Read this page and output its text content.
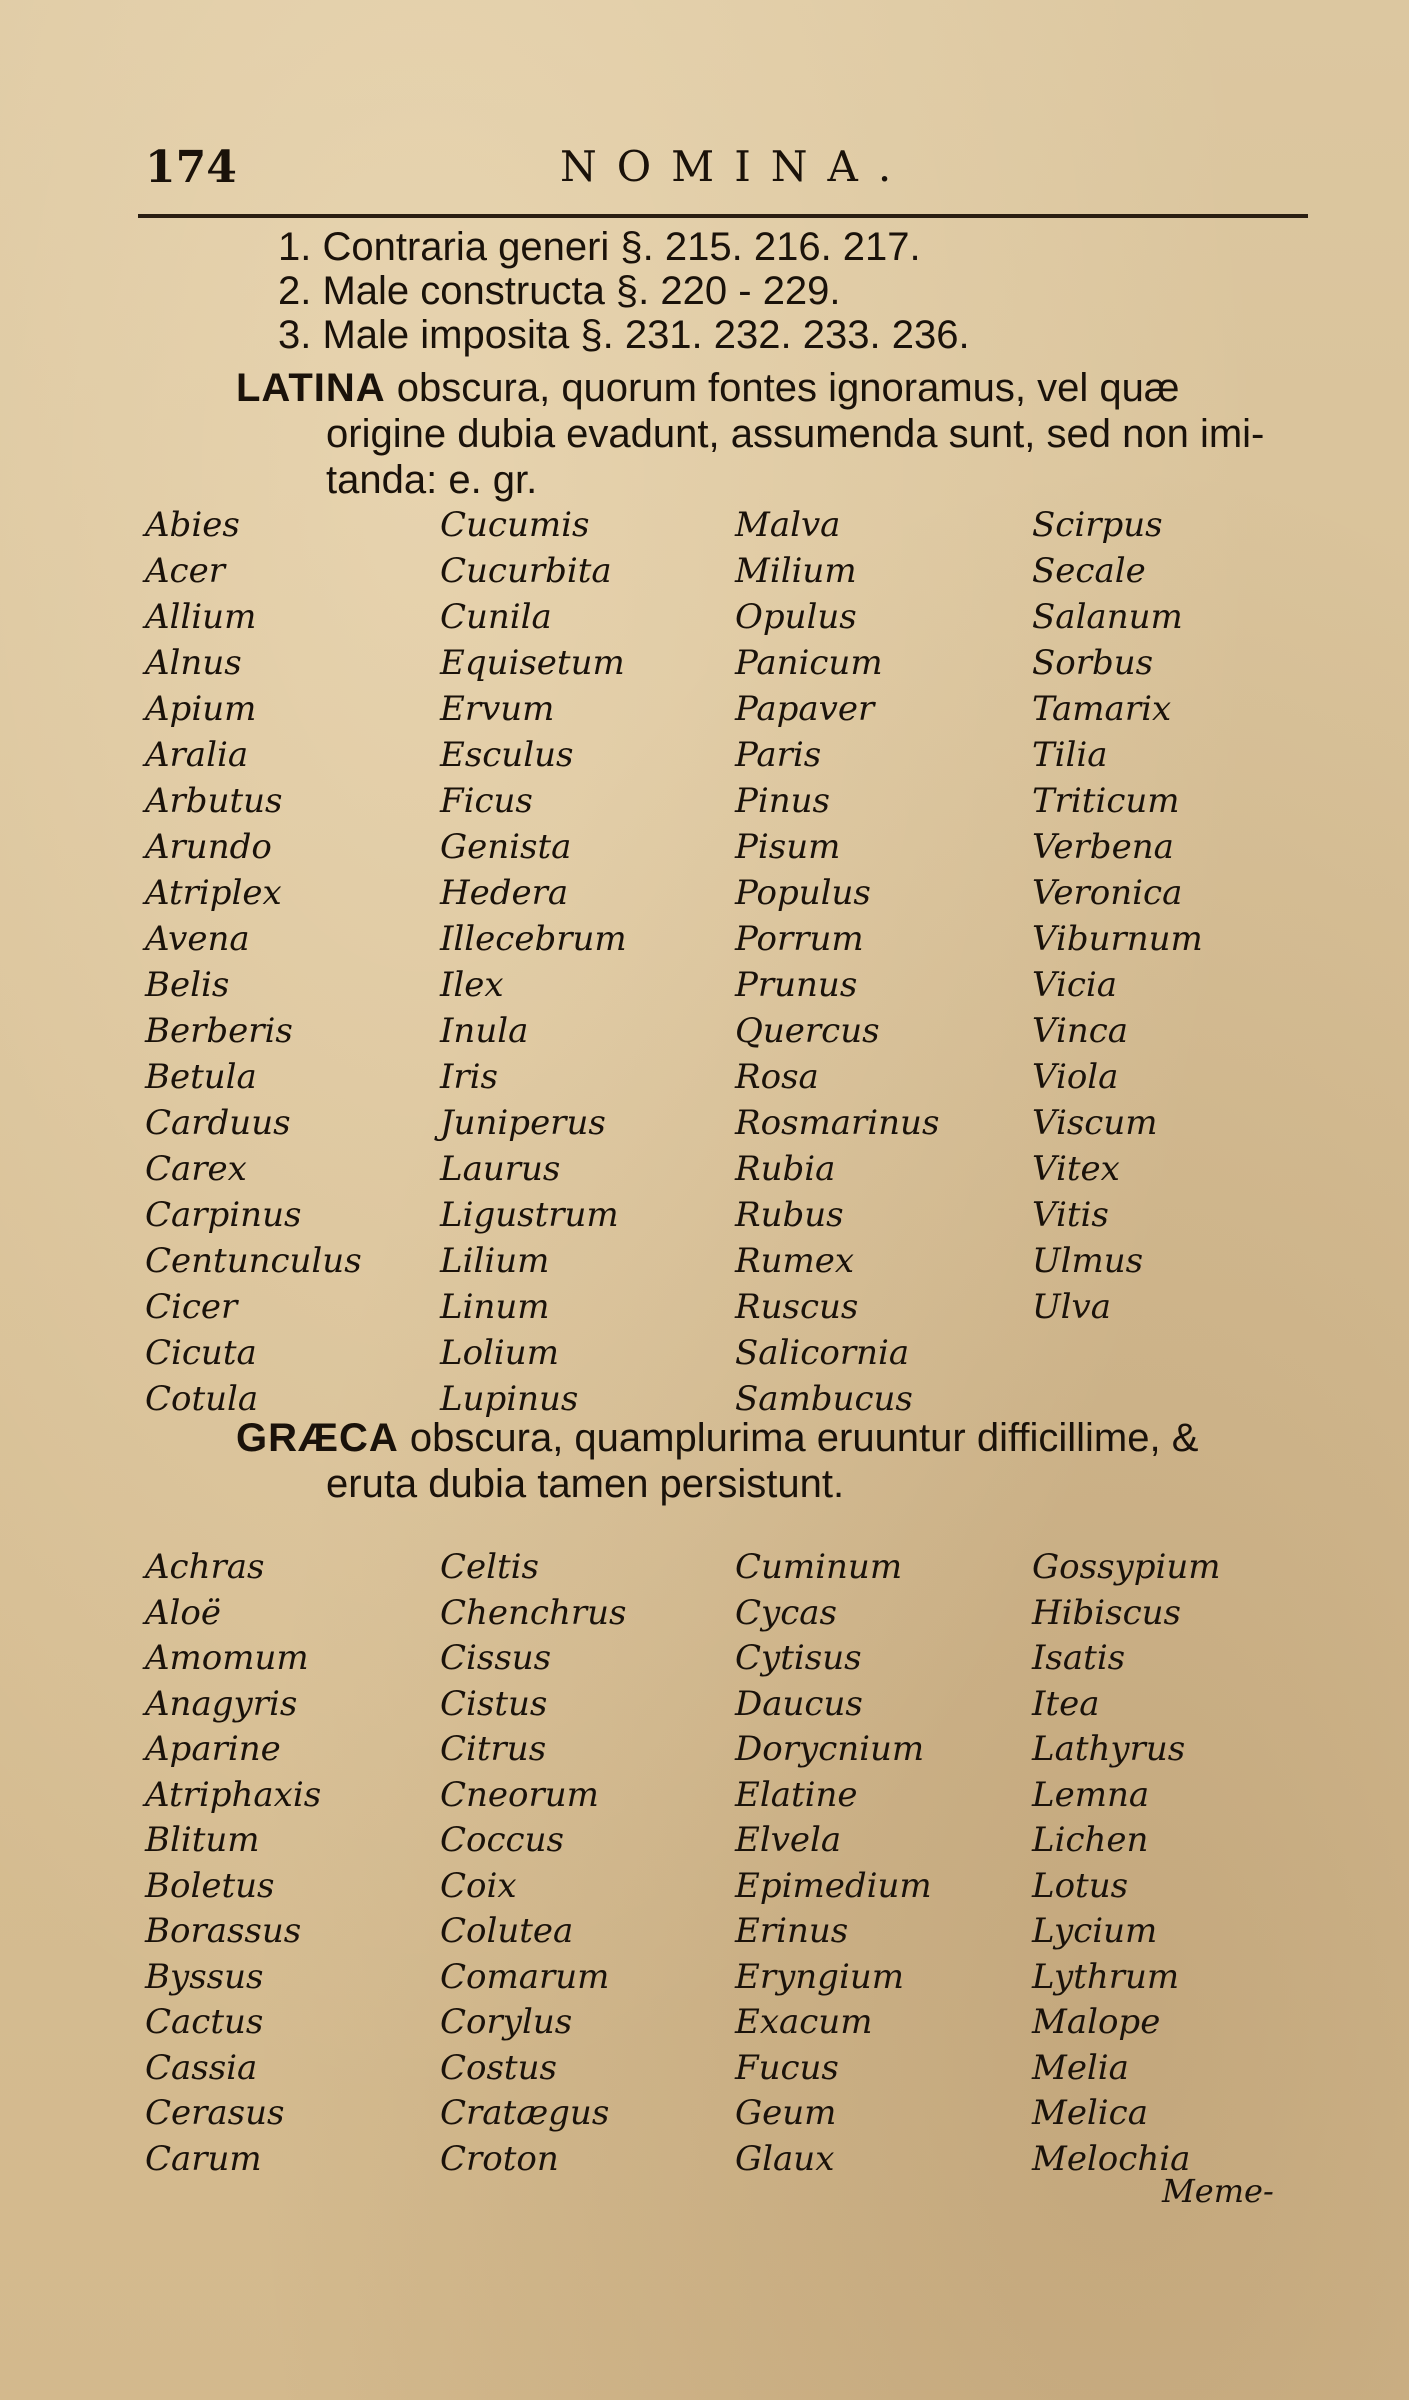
174	NOMINA.
1. Contraria generi §. 215. 216. 217.
2. Male constructa §. 220 - 229.
3. Male imposita §. 231. 232. 233. 236.
LATINA obscura, quorum fontes ignoramus, vel quæ
origine dubia evadunt, assumenda sunt, sed non imi-
tanda: e. gr.
Abies
Acer
Allium
Alnus
Apium
Aralia
Arbutus
Arundo
Atriplex
Avena
Belis
Berberis
Betula
Carduus
Carex
Carpinus
Centunculus
Cicer
Cicuta
Cotula
Cucumis
Cucurbita
Cunila
Equisetum
Ervum
Esculus
Ficus
Genista
Hedera
Illecebrum
Ilex
Inula
Iris
Juniperus
Laurus
Ligustrum
Lilium
Linum
Lolium
Lupinus
Malva
Milium
Opulus
Panicum
Papaver
Paris
Pinus
Pisum
Populus
Porrum
Prunus
Quercus
Rosa
Rosmarinus
Rubia
Rubus
Rumex
Ruscus
Salicornia
Sambucus
Scirpus
Secale
Salanum
Sorbus
Tamarix
Tilia
Triticum
Verbena
Veronica
Viburnum
Vicia
Vinca
Viola
Viscum
Vitex
Vitis
Ulmus
Ulva
GRÆCA obscura, quamplurima eruuntur difficillime, &
eruta dubia tamen persistunt.
Achras
Aloë
Amomum
Anagyris
Aparine
Atriphaxis
Blitum
Boletus
Borassus
Byssus
Cactus
Cassia
Cerasus
Carum
Celtis
Chenchrus
Cissus
Cistus
Citrus
Cneorum
Coccus
Coix
Colutea
Comarum
Corylus
Costus
Cratægus
Croton
Cuminum
Cycas
Cytisus
Daucus
Dorycnium
Elatine
Elvela
Epimedium
Erinus
Eryngium
Exacum
Fucus
Geum
Glaux
Gossypium
Hibiscus
Isatis
Itea
Lathyrus
Lemna
Lichen
Lotus
Lycium
Lythrum
Malope
Melia
Melica
Melochia
Meme-
